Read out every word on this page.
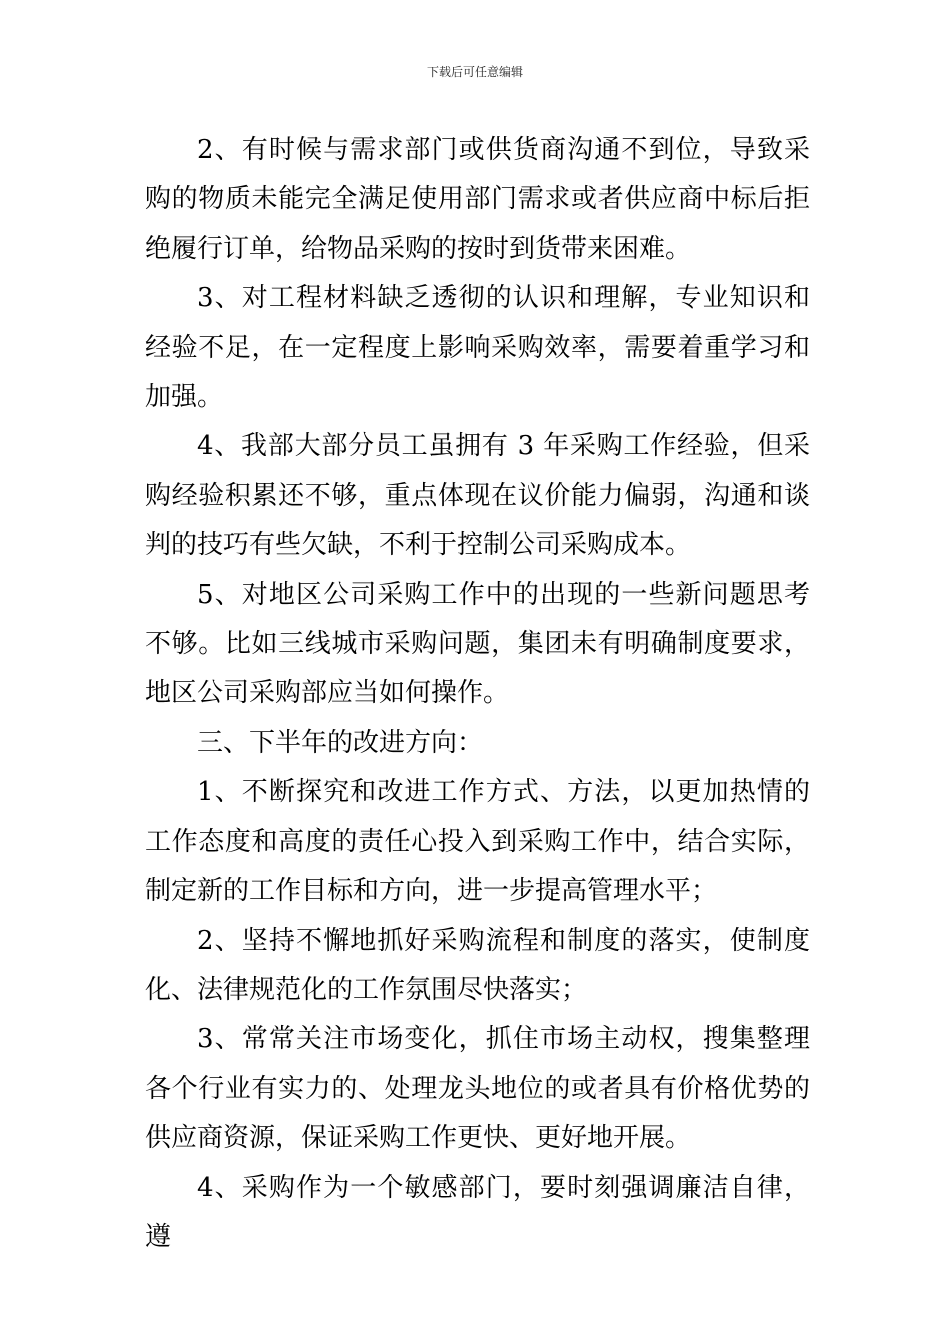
下载后可任意编辑

2、有时候与需求部门或供货商沟通不到位，导致采购的物质未能完全满足使用部门需求或者供应商中标后拒绝履行订单，给物品采购的按时到货带来困难。

3、对工程材料缺乏透彻的认识和理解，专业知识和经验不足，在一定程度上影响采购效率，需要着重学习和加强。

4、我部大部分员工虽拥有 3 年采购工作经验，但采购经验积累还不够，重点体现在议价能力偏弱，沟通和谈判的技巧有些欠缺，不利于控制公司采购成本。

5、对地区公司采购工作中的出现的一些新问题思考不够。比如三线城市采购问题，集团未有明确制度要求，地区公司采购部应当如何操作。

三、下半年的改进方向：

1、不断探究和改进工作方式、方法，以更加热情的工作态度和高度的责任心投入到采购工作中，结合实际，制定新的工作目标和方向，进一步提高管理水平；

2、坚持不懈地抓好采购流程和制度的落实，使制度化、法律规范化的工作氛围尽快落实；

3、常常关注市场变化，抓住市场主动权，搜集整理各个行业有实力的、处理龙头地位的或者具有价格优势的供应商资源，保证采购工作更快、更好地开展。

4、采购作为一个敏感部门，要时刻强调廉洁自律，遵
